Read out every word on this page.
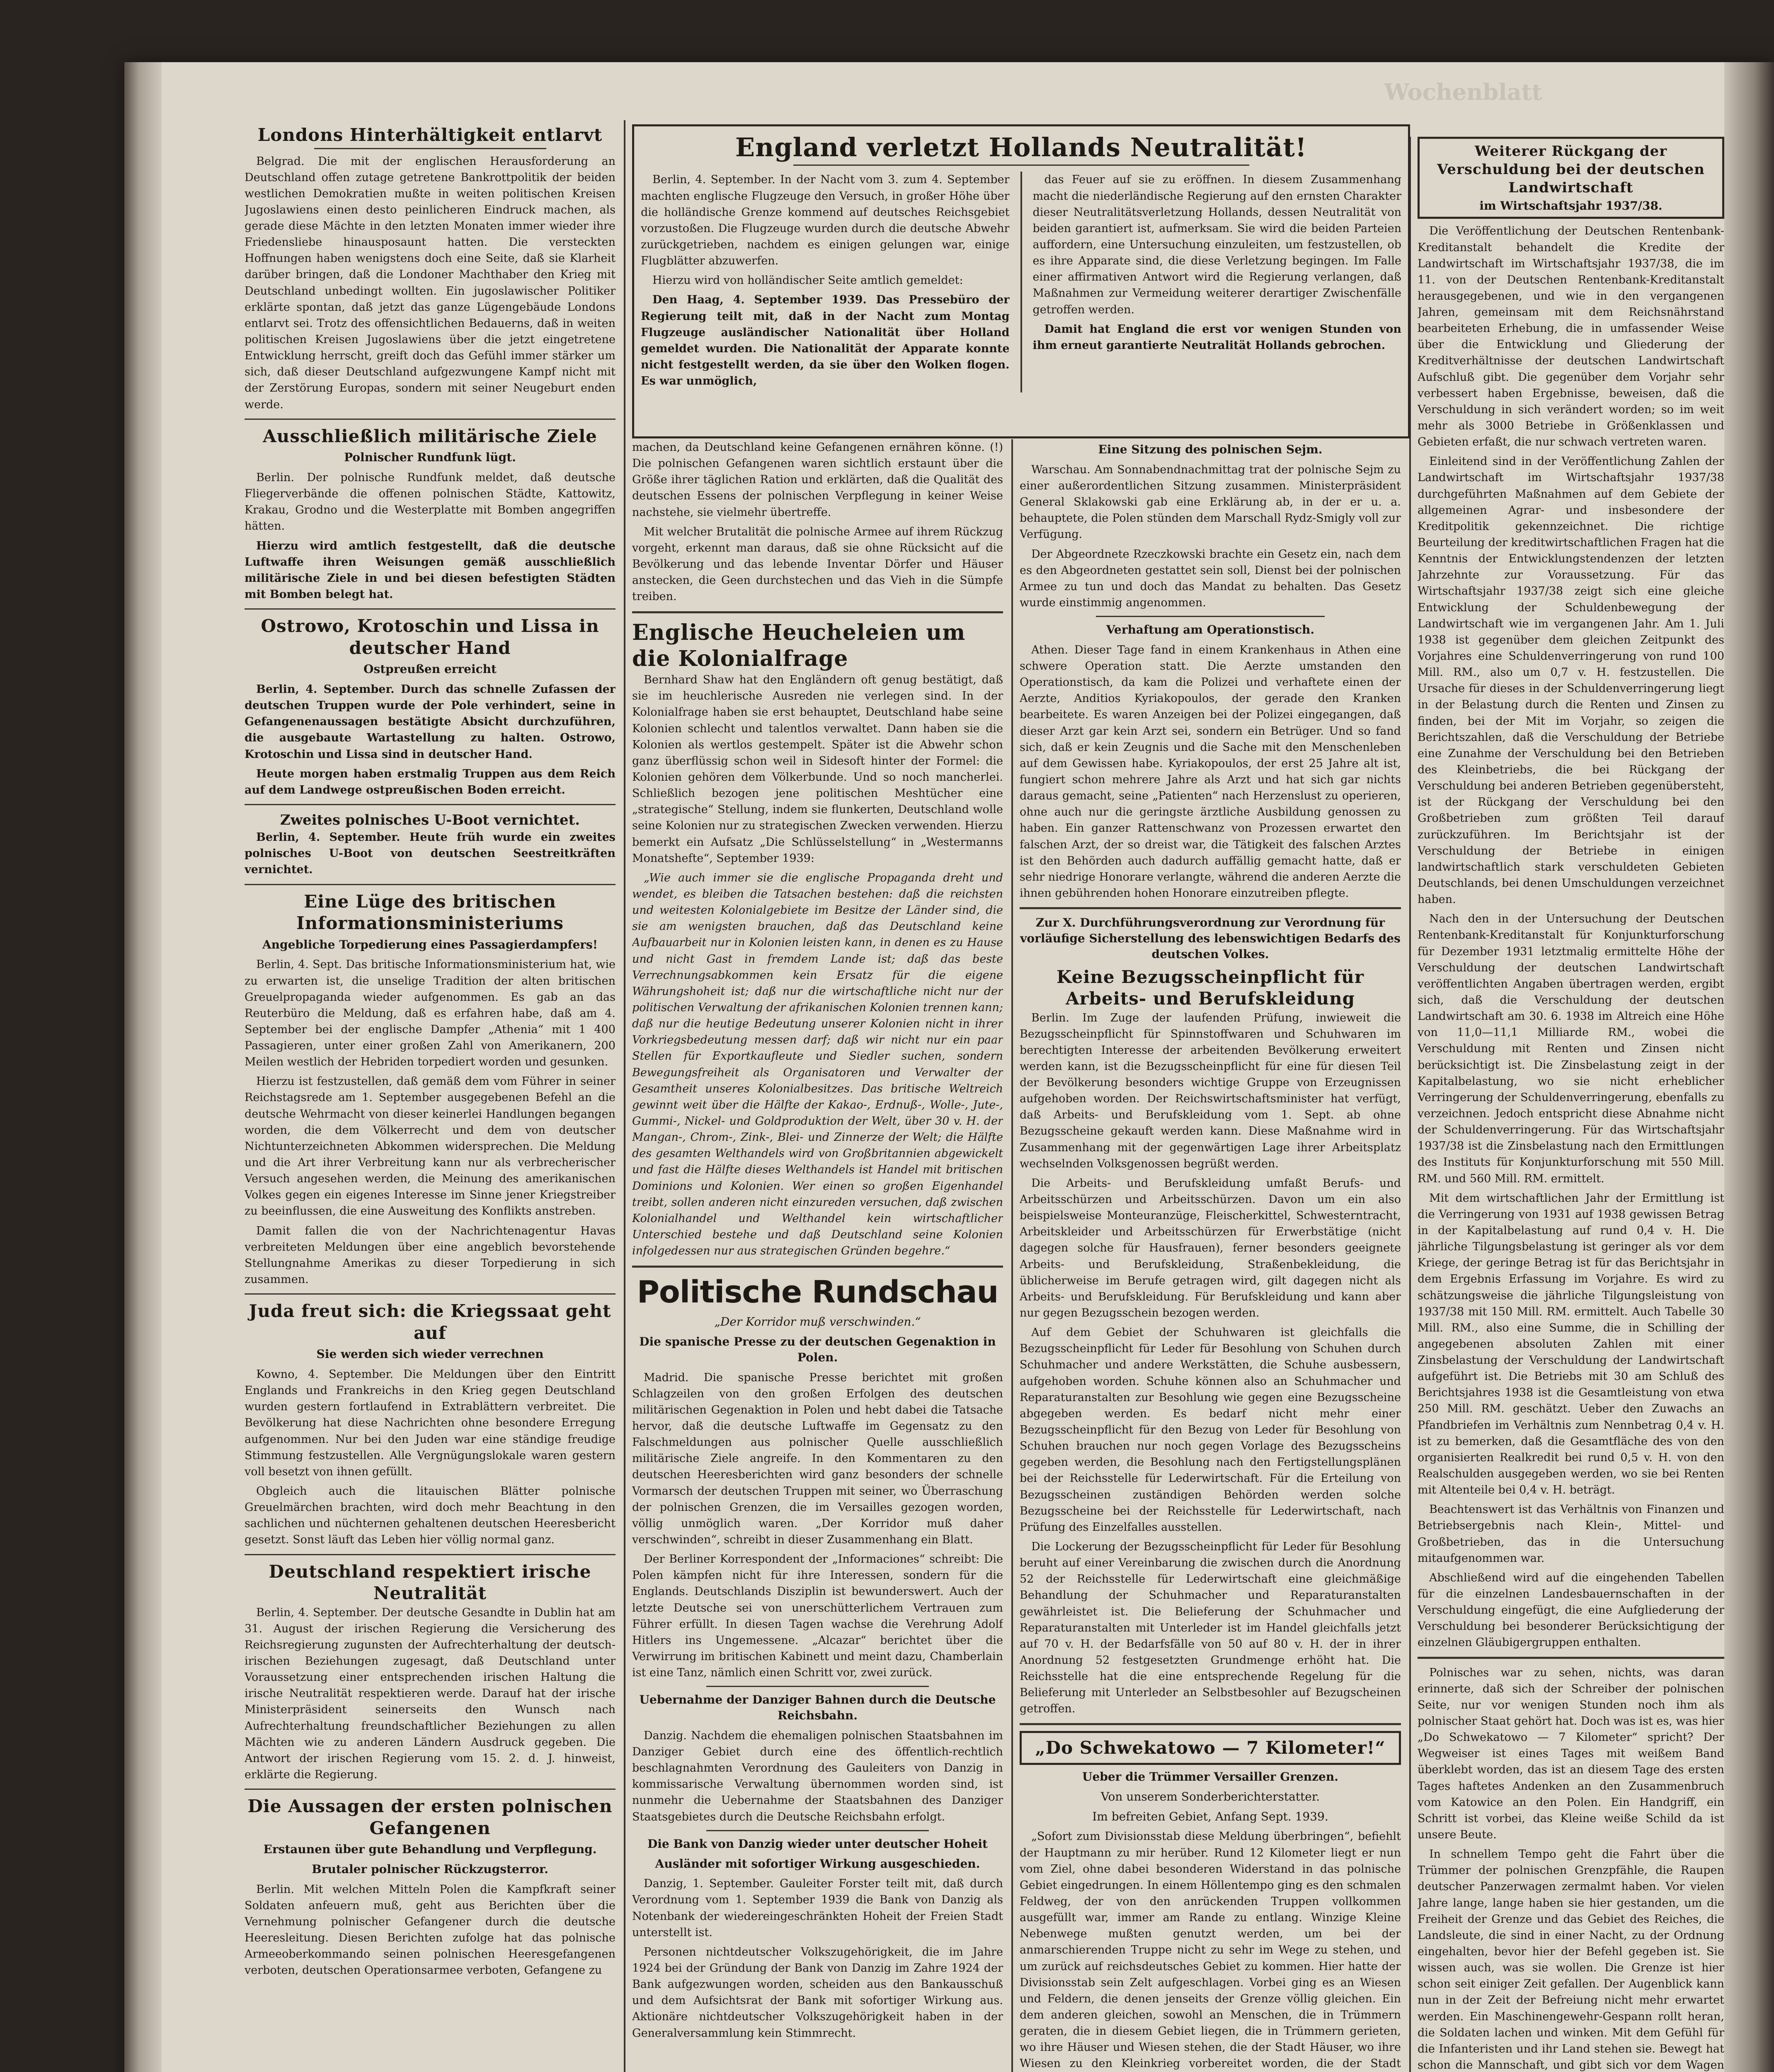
Wochenblatt
Londons Hinterhältigkeit entlarvt

Belgrad. Die mit der englischen Herausforderung an Deutschland offen zutage getretene Bankrottpolitik der beiden westlichen Demokratien mußte in weiten politischen Kreisen Jugoslawiens einen desto peinlicheren Eindruck machen, als gerade diese Mächte in den letzten Monaten immer wieder ihre Friedensliebe hinausposaunt hatten. Die versteckten Hoffnungen haben wenigstens doch eine Seite, daß sie Klarheit darüber bringen, daß die Londoner Machthaber den Krieg mit Deutschland unbedingt wollten. Ein jugoslawischer Politiker erklärte spontan, daß jetzt das ganze Lügengebäude Londons entlarvt sei. Trotz des offensichtlichen Bedauerns, daß in weiten politischen Kreisen Jugoslawiens über die jetzt eingetretene Entwicklung herrscht, greift doch das Gefühl immer stärker um sich, daß dieser Deutschland aufgezwungene Kampf nicht mit der Zerstörung Europas, sondern mit seiner Neugeburt enden werde.

Ausschließlich militärische Ziele
Polnischer Rundfunk lügt.

Berlin. Der polnische Rundfunk meldet, daß deutsche Fliegerverbände die offenen polnischen Städte, Kattowitz, Krakau, Grodno und die Westerplatte mit Bomben angegriffen hätten.

Hierzu wird amtlich festgestellt, daß die deutsche Luftwaffe ihren Weisungen gemäß ausschließlich militärische Ziele in und bei diesen befestigten Städten mit Bomben belegt hat.

Ostrowo, Krotoschin und Lissa in deutscher Hand
Ostpreußen erreicht

Berlin, 4. September. Durch das schnelle Zufassen der deutschen Truppen wurde der Pole verhindert, seine in Gefangenenaussagen bestätigte Absicht durchzuführen, die ausgebaute Wartastellung zu halten. Ostrowo, Krotoschin und Lissa sind in deutscher Hand.

Heute morgen haben erstmalig Truppen aus dem Reich auf dem Landwege ostpreußischen Boden erreicht.

Zweites polnisches U-Boot vernichtet.

Berlin, 4. September. Heute früh wurde ein zweites polnisches U-Boot von deutschen Seestreitkräften vernichtet.

Eine Lüge des britischen Informationsministeriums
Angebliche Torpedierung eines Passagierdampfers!

Berlin, 4. Sept. Das britische Informationsministerium hat, wie zu erwarten ist, die unselige Tradition der alten britischen Greuelpropaganda wieder aufgenommen. Es gab an das Reuterbüro die Meldung, daß es erfahren habe, daß am 4. September bei der englische Dampfer „Athenia“ mit 1 400 Passagieren, unter einer großen Zahl von Amerikanern, 200 Meilen westlich der Hebriden torpediert worden und gesunken.

Hierzu ist festzustellen, daß gemäß dem vom Führer in seiner Reichstagsrede am 1. September ausgegebenen Befehl an die deutsche Wehrmacht von dieser keinerlei Handlungen begangen worden, die dem Völkerrecht und dem von deutscher Nichtunterzeichneten Abkommen widersprechen. Die Meldung und die Art ihrer Verbreitung kann nur als verbrecherischer Versuch angesehen werden, die Meinung des amerikanischen Volkes gegen ein eigenes Interesse im Sinne jener Kriegstreiber zu beeinflussen, die eine Ausweitung des Konflikts anstreben.

Damit fallen die von der Nachrichtenagentur Havas verbreiteten Meldungen über eine angeblich bevorstehende Stellungnahme Amerikas zu dieser Torpedierung in sich zusammen.

Juda freut sich: die Kriegssaat geht auf
Sie werden sich wieder verrechnen

Kowno, 4. September. Die Meldungen über den Eintritt Englands und Frankreichs in den Krieg gegen Deutschland wurden gestern fortlaufend in Extrablättern verbreitet. Die Bevölkerung hat diese Nachrichten ohne besondere Erregung aufgenommen. Nur bei den Juden war eine ständige freudige Stimmung festzustellen. Alle Vergnügungslokale waren gestern voll besetzt von ihnen gefüllt.

Obgleich auch die litauischen Blätter polnische Greuelmärchen brachten, wird doch mehr Beachtung in den sachlichen und nüchternen gehaltenen deutschen Heeresbericht gesetzt. Sonst läuft das Leben hier völlig normal ganz.

Deutschland respektiert irische Neutralität

Berlin, 4. September. Der deutsche Gesandte in Dublin hat am 31. August der irischen Regierung die Versicherung des Reichsregierung zugunsten der Aufrechterhaltung der deutsch-irischen Beziehungen zugesagt, daß Deutschland unter Voraussetzung einer entsprechenden irischen Haltung die irische Neutralität respektieren werde. Darauf hat der irische Ministerpräsident seinerseits den Wunsch nach Aufrechterhaltung freundschaftlicher Beziehungen zu allen Mächten wie zu anderen Ländern Ausdruck gegeben. Die Antwort der irischen Regierung vom 15. 2. d. J. hinweist, erklärte die Regierung.

Die Aussagen der ersten polnischen Gefangenen
Erstaunen über gute Behandlung und Verpflegung.
Brutaler polnischer Rückzugsterror.

Berlin. Mit welchen Mitteln Polen die Kampfkraft seiner Soldaten anfeuern muß, geht aus Berichten über die Vernehmung polnischer Gefangener durch die deutsche Heeresleitung. Diesen Berichten zufolge hat das polnische Armeeoberkommando seinen polnischen Heeresgefangenen verboten, deutschen Operationsarmee verboten, Gefangene zu

England verletzt Hollands Neutralität!

Berlin, 4. September. In der Nacht vom 3. zum 4. September machten englische Flugzeuge den Versuch, in großer Höhe über die holländische Grenze kommend auf deutsches Reichsgebiet vorzustoßen. Die Flugzeuge wurden durch die deutsche Abwehr zurückgetrieben, nachdem es einigen gelungen war, einige Flugblätter abzuwerfen.

Hierzu wird von holländischer Seite amtlich gemeldet:

Den Haag, 4. September 1939. Das Pressebüro der Regierung teilt mit, daß in der Nacht zum Montag Flugzeuge ausländischer Nationalität über Holland gemeldet wurden. Die Nationalität der Apparate konnte nicht festgestellt werden, da sie über den Wolken flogen. Es war unmöglich,

das Feuer auf sie zu eröffnen. In diesem Zusammenhang macht die niederländische Regierung auf den ernsten Charakter dieser Neutralitätsverletzung Hollands, dessen Neutralität von beiden garantiert ist, aufmerksam. Sie wird die beiden Parteien auffordern, eine Untersuchung einzuleiten, um festzustellen, ob es ihre Apparate sind, die diese Verletzung begingen. Im Falle einer affirmativen Antwort wird die Regierung verlangen, daß Maßnahmen zur Vermeidung weiterer derartiger Zwischenfälle getroffen werden.

Damit hat England die erst vor wenigen Stunden von ihm erneut garantierte Neutralität Hollands gebrochen.

machen, da Deutschland keine Gefangenen ernähren könne. (!) Die polnischen Gefangenen waren sichtlich erstaunt über die Größe ihrer täglichen Ration und erklärten, daß die Qualität des deutschen Essens der polnischen Verpflegung in keiner Weise nachstehe, sie vielmehr übertreffe.

Mit welcher Brutalität die polnische Armee auf ihrem Rückzug vorgeht, erkennt man daraus, daß sie ohne Rücksicht auf die Bevölkerung und das lebende Inventar Dörfer und Häuser anstecken, die Geen durchstechen und das Vieh in die Sümpfe treiben.

Englische Heucheleien um die Kolonialfrage

Bernhard Shaw hat den Engländern oft genug bestätigt, daß sie im heuchlerische Ausreden nie verlegen sind. In der Kolonialfrage haben sie erst behauptet, Deutschland habe seine Kolonien schlecht und talentlos verwaltet. Dann haben sie die Kolonien als wertlos gestempelt. Später ist die Abwehr schon ganz überflüssig schon weil in Sidesoft hinter der Formel: die Kolonien gehören dem Völkerbunde. Und so noch mancherlei. Schließlich bezogen jene politischen Meshtücher eine „strategische“ Stellung, indem sie flunkerten, Deutschland wolle seine Kolonien nur zu strategischen Zwecken verwenden. Hierzu bemerkt ein Aufsatz „Die Schlüsselstellung“ in „Westermanns Monatshefte“, September 1939:

„Wie auch immer sie die englische Propaganda dreht und wendet, es bleiben die Tatsachen bestehen: daß die reichsten und weitesten Kolonialgebiete im Besitze der Länder sind, die sie am wenigsten brauchen, daß das Deutschland keine Aufbauarbeit nur in Kolonien leisten kann, in denen es zu Hause und nicht Gast in fremdem Lande ist; daß das beste Verrechnungsabkommen kein Ersatz für die eigene Währungshoheit ist; daß nur die wirtschaftliche nicht nur der politischen Verwaltung der afrikanischen Kolonien trennen kann; daß nur die heutige Bedeutung unserer Kolonien nicht in ihrer Vorkriegsbedeutung messen darf; daß wir nicht nur ein paar Stellen für Exportkaufleute und Siedler suchen, sondern Bewegungsfreiheit als Organisatoren und Verwalter der Gesamtheit unseres Kolonialbesitzes. Das britische Weltreich gewinnt weit über die Hälfte der Kakao-, Erdnuß-, Wolle-, Jute-, Gummi-, Nickel- und Goldproduktion der Welt, über 30 v. H. der Mangan-, Chrom-, Zink-, Blei- und Zinnerze der Welt; die Hälfte des gesamten Welthandels wird von Großbritannien abgewickelt und fast die Hälfte dieses Welthandels ist Handel mit britischen Dominions und Kolonien. Wer einen so großen Eigenhandel treibt, sollen anderen nicht einzureden versuchen, daß zwischen Kolonialhandel und Welthandel kein wirtschaftlicher Unterschied bestehe und daß Deutschland seine Kolonien infolgedessen nur aus strategischen Gründen begehre.“

Politische Rundschau
„Der Korridor muß verschwinden.“
Die spanische Presse zu der deutschen Gegenaktion in Polen.

Madrid. Die spanische Presse berichtet mit großen Schlagzeilen von den großen Erfolgen des deutschen militärischen Gegenaktion in Polen und hebt dabei die Tatsache hervor, daß die deutsche Luftwaffe im Gegensatz zu den Falschmeldungen aus polnischer Quelle ausschließlich militärische Ziele angreife. In den Kommentaren zu den deutschen Heeresberichten wird ganz besonders der schnelle Vormarsch der deutschen Truppen mit seiner, wo Überraschung der polnischen Grenzen, die im Versailles gezogen worden, völlig unmöglich waren. „Der Korridor muß daher verschwinden“, schreibt in dieser Zusammenhang ein Blatt.

Der Berliner Korrespondent der „Informaciones“ schreibt: Die Polen kämpfen nicht für ihre Interessen, sondern für die Englands. Deutschlands Disziplin ist bewunderswert. Auch der letzte Deutsche sei von unerschütterlichem Vertrauen zum Führer erfüllt. In diesen Tagen wachse die Verehrung Adolf Hitlers ins Ungemessene. „Alcazar“ berichtet über die Verwirrung im britischen Kabinett und meint dazu, Chamberlain ist eine Tanz, nämlich einen Schritt vor, zwei zurück.

Uebernahme der Danziger Bahnen durch die Deutsche Reichsbahn.

Danzig. Nachdem die ehemaligen polnischen Staatsbahnen im Danziger Gebiet durch eine des öffentlich-rechtlich beschlagnahmten Verordnung des Gauleiters von Danzig in kommissarische Verwaltung übernommen worden sind, ist nunmehr die Uebernahme der Staatsbahnen des Danziger Staatsgebietes durch die Deutsche Reichsbahn erfolgt.

Die Bank von Danzig wieder unter deutscher Hoheit
Ausländer mit sofortiger Wirkung ausgeschieden.

Danzig, 1. September. Gauleiter Forster teilt mit, daß durch Verordnung vom 1. September 1939 die Bank von Danzig als Notenbank der wiedereingeschränkten Hoheit der Freien Stadt unterstellt ist.

Personen nichtdeutscher Volkszugehörigkeit, die im Jahre 1924 bei der Gründung der Bank von Danzig im Zahre 1924 der Bank aufgezwungen worden, scheiden aus den Bankausschuß und dem Aufsichtsrat der Bank mit sofortiger Wirkung aus. Aktionäre nichtdeutscher Volkszugehörigkeit haben in der Generalversammlung kein Stimmrecht.

Eine Sitzung des polnischen Sejm.

Warschau. Am Sonnabendnachmittag trat der polnische Sejm zu einer außerordentlichen Sitzung zusammen. Ministerpräsident General Sklakowski gab eine Erklärung ab, in der er u. a. behauptete, die Polen stünden dem Marschall Rydz-Smigly voll zur Verfügung.

Der Abgeordnete Rzeczkowski brachte ein Gesetz ein, nach dem es den Abgeordneten gestattet sein soll, Dienst bei der polnischen Armee zu tun und doch das Mandat zu behalten. Das Gesetz wurde einstimmig angenommen.

Verhaftung am Operationstisch.

Athen. Dieser Tage fand in einem Krankenhaus in Athen eine schwere Operation statt. Die Aerzte umstanden den Operationstisch, da kam die Polizei und verhaftete einen der Aerzte, Anditios Kyriakopoulos, der gerade den Kranken bearbeitete. Es waren Anzeigen bei der Polizei eingegangen, daß dieser Arzt gar kein Arzt sei, sondern ein Betrüger. Und so fand sich, daß er kein Zeugnis und die Sache mit den Menschenleben auf dem Gewissen habe. Kyriakopoulos, der erst 25 Jahre alt ist, fungiert schon mehrere Jahre als Arzt und hat sich gar nichts daraus gemacht, seine „Patienten“ nach Herzenslust zu operieren, ohne auch nur die geringste ärztliche Ausbildung genossen zu haben. Ein ganzer Rattenschwanz von Prozessen erwartet den falschen Arzt, der so dreist war, die Tätigkeit des falschen Arztes ist den Behörden auch dadurch auffällig gemacht hatte, daß er sehr niedrige Honorare verlangte, während die anderen Aerzte die ihnen gebührenden hohen Honorare einzutreiben pflegte.

Zur X. Durchführungsverordnung zur Verordnung für vorläufige Sicherstellung des lebenswichtigen Bedarfs des deutschen Volkes.
Keine Bezugsscheinpflicht für Arbeits- und Berufskleidung

Berlin. Im Zuge der laufenden Prüfung, inwieweit die Bezugsscheinpflicht für Spinnstoffwaren und Schuhwaren im berechtigten Interesse der arbeitenden Bevölkerung erweitert werden kann, ist die Bezugsscheinpflicht für eine für diesen Teil der Bevölkerung besonders wichtige Gruppe von Erzeugnissen aufgehoben worden. Der Reichswirtschaftsminister hat verfügt, daß Arbeits- und Berufskleidung vom 1. Sept. ab ohne Bezugsscheine gekauft werden kann. Diese Maßnahme wird in Zusammenhang mit der gegenwärtigen Lage ihrer Arbeitsplatz wechselnden Volksgenossen begrüßt werden.

Die Arbeits- und Berufskleidung umfaßt Berufs- und Arbeitsschürzen und Arbeitsschürzen. Davon um ein also beispielsweise Monteuranzüge, Fleischerkittel, Schwesterntracht, Arbeitskleider und Arbeitsschürzen für Erwerbstätige (nicht dagegen solche für Hausfrauen), ferner besonders geeignete Arbeits- und Berufskleidung, Straßenbekleidung, die üblicherweise im Berufe getragen wird, gilt dagegen nicht als Arbeits- und Berufskleidung. Für Berufskleidung und kann aber nur gegen Bezugsschein bezogen werden.

Auf dem Gebiet der Schuhwaren ist gleichfalls die Bezugsscheinpflicht für Leder für Besohlung von Schuhen durch Schuhmacher und andere Werkstätten, die Schuhe ausbessern, aufgehoben worden. Schuhe können also an Schuhmacher und Reparaturanstalten zur Besohlung wie gegen eine Bezugsscheine abgegeben werden. Es bedarf nicht mehr einer Bezugsscheinpflicht für den Bezug von Leder für Besohlung von Schuhen brauchen nur noch gegen Vorlage des Bezugsscheins gegeben werden, die Besohlung nach den Fertigstellungsplänen bei der Reichsstelle für Lederwirtschaft. Für die Erteilung von Bezugsscheinen zuständigen Behörden werden solche Bezugsscheine bei der Reichsstelle für Lederwirtschaft, nach Prüfung des Einzelfalles ausstellen.

Die Lockerung der Bezugsscheinpflicht für Leder für Besohlung beruht auf einer Vereinbarung die zwischen durch die Anordnung 52 der Reichsstelle für Lederwirtschaft eine gleichmäßige Behandlung der Schuhmacher und Reparaturanstalten gewährleistet ist. Die Belieferung der Schuhmacher und Reparaturanstalten mit Unterleder ist im Handel gleichfalls jetzt auf 70 v. H. der Bedarfsfälle von 50 auf 80 v. H. der in ihrer Anordnung 52 festgesetzten Grundmenge erhöht hat. Die Reichsstelle hat die eine entsprechende Regelung für die Belieferung mit Unterleder an Selbstbesohler auf Bezugscheinen getroffen.

„Do Schwekatowo — 7 Kilometer!“
Ueber die Trümmer Versailler Grenzen.
Von unserem Sonderberichterstatter.
Im befreiten Gebiet, Anfang Sept. 1939.

„Sofort zum Divisionsstab diese Meldung überbringen“, befiehlt der Hauptmann zu mir herüber. Rund 12 Kilometer liegt er nun vom Ziel, ohne dabei besonderen Widerstand in das polnische Gebiet eingedrungen. In einem Höllentempo ging es den schmalen Feldweg, der von den anrückenden Truppen vollkommen ausgefüllt war, immer am Rande zu entlang. Winzige Kleine Nebenwege mußten genutzt werden, um bei der anmarschierenden Truppe nicht zu sehr im Wege zu stehen, und um zurück auf reichsdeutsches Gebiet zu kommen. Hier hatte der Divisionsstab sein Zelt aufgeschlagen. Vorbei ging es an Wiesen und Feldern, die denen jenseits der Grenze völlig gleichen. Ein dem anderen gleichen, sowohl an Menschen, die in Trümmern geraten, die in diesem Gebiet liegen, die in Trümmern gerieten, wo ihre Häuser und Wiesen stehen, die der Stadt Häuser, wo ihre Wiesen zu den Kleinkrieg vorbereitet worden, die der Stadt

Weiterer Rückgang der Verschuldung bei der deutschen Landwirtschaft
im Wirtschaftsjahr 1937/38.

Die Veröffentlichung der Deutschen Rentenbank-Kreditanstalt behandelt die Kredite der Landwirtschaft im Wirtschaftsjahr 1937/38, die im 11. von der Deutschen Rentenbank-Kreditanstalt herausgegebenen, und wie in den vergangenen Jahren, gemeinsam mit dem Reichsnährstand bearbeiteten Erhebung, die in umfassender Weise über die Entwicklung und Gliederung der Kreditverhältnisse der deutschen Landwirtschaft Aufschluß gibt. Die gegenüber dem Vorjahr sehr verbessert haben Ergebnisse, beweisen, daß die Verschuldung in sich verändert worden; so im weit mehr als 3000 Betriebe in Größenklassen und Gebieten erfaßt, die nur schwach vertreten waren.

Einleitend sind in der Veröffentlichung Zahlen der Landwirtschaft im Wirtschaftsjahr 1937/38 durchgeführten Maßnahmen auf dem Gebiete der allgemeinen Agrar- und insbesondere der Kreditpolitik gekennzeichnet. Die richtige Beurteilung der kreditwirtschaftlichen Fragen hat die Kenntnis der Entwicklungstendenzen der letzten Jahrzehnte zur Voraussetzung. Für das Wirtschaftsjahr 1937/38 zeigt sich eine gleiche Entwicklung der Schuldenbewegung der Landwirtschaft wie im vergangenen Jahr. Am 1. Juli 1938 ist gegenüber dem gleichen Zeitpunkt des Vorjahres eine Schuldenverringerung von rund 100 Mill. RM., also um 0,7 v. H. festzustellen. Die Ursache für dieses in der Schuldenverringerung liegt in der Belastung durch die Renten und Zinsen zu finden, bei der Mit im Vorjahr, so zeigen die Berichtszahlen, daß die Verschuldung der Betriebe eine Zunahme der Verschuldung bei den Betrieben des Kleinbetriebs, die bei Rückgang der Verschuldung bei anderen Betrieben gegenübersteht, ist der Rückgang der Verschuldung bei den Großbetrieben zum größten Teil darauf zurückzuführen. Im Berichtsjahr ist der Verschuldung der Betriebe in einigen landwirtschaftlich stark verschuldeten Gebieten Deutschlands, bei denen Umschuldungen verzeichnet haben.

Nach den in der Untersuchung der Deutschen Rentenbank-Kreditanstalt für Konjunkturforschung für Dezember 1931 letztmalig ermittelte Höhe der Verschuldung der deutschen Landwirtschaft veröffentlichten Angaben übertragen werden, ergibt sich, daß die Verschuldung der deutschen Landwirtschaft am 30. 6. 1938 im Altreich eine Höhe von 11,0—11,1 Milliarde RM., wobei die Verschuldung mit Renten und Zinsen nicht berücksichtigt ist. Die Zinsbelastung zeigt in der Kapitalbelastung, wo sie nicht erheblicher Verringerung der Schuldenverringerung, ebenfalls zu verzeichnen. Jedoch entspricht diese Abnahme nicht der Schuldenverringerung. Für das Wirtschaftsjahr 1937/38 ist die Zinsbelastung nach den Ermittlungen des Instituts für Konjunkturforschung mit 550 Mill. RM. und 560 Mill. RM. ermittelt.

Mit dem wirtschaftlichen Jahr der Ermittlung ist die Verringerung von 1931 auf 1938 gewissen Betrag in der Kapitalbelastung auf rund 0,4 v. H. Die jährliche Tilgungsbelastung ist geringer als vor dem Kriege, der geringe Betrag ist für das Berichtsjahr in dem Ergebnis Erfassung im Vorjahre. Es wird zu schätzungsweise die jährliche Tilgungsleistung von 1937/38 mit 150 Mill. RM. ermittelt. Auch Tabelle 30 Mill. RM., also eine Summe, die in Schilling der angegebenen absoluten Zahlen mit einer Zinsbelastung der Verschuldung der Landwirtschaft aufgeführt ist. Die Betriebs mit 30 am Schluß des Berichtsjahres 1938 ist die Gesamtleistung von etwa 250 Mill. RM. geschätzt. Ueber den Zuwachs an Pfandbriefen im Verhältnis zum Nennbetrag 0,4 v. H. ist zu bemerken, daß die Gesamtfläche des von den organisierten Realkredit bei rund 0,5 v. H. von den Realschulden ausgegeben werden, wo sie bei Renten mit Altenteile bei 0,4 v. H. beträgt.

Beachtenswert ist das Verhältnis von Finanzen und Betriebsergebnis nach Klein-, Mittel- und Großbetrieben, das in die Untersuchung mitaufgenommen war.

Abschließend wird auf die eingehenden Tabellen für die einzelnen Landesbauernschaften in der Verschuldung eingefügt, die eine Aufgliederung der Verschuldung bei besonderer Berücksichtigung der einzelnen Gläubigergruppen enthalten.

Polnisches war zu sehen, nichts, was daran erinnerte, daß sich der Schreiber der polnischen Seite, nur vor wenigen Stunden noch ihm als polnischer Staat gehört hat. Doch was ist es, was hier „Do Schwekatowo — 7 Kilometer“ spricht? Der Wegweiser ist eines Tages mit weißem Band überklebt worden, das ist an diesem Tage des ersten Tages haftetes Andenken an den Zusammenbruch vom Katowice an den Polen. Ein Handgriff, ein Schritt ist vorbei, das Kleine weiße Schild da ist unsere Beute.

In schnellem Tempo geht die Fahrt über die Trümmer der polnischen Grenzpfähle, die Raupen deutscher Panzerwagen zermalmt haben. Vor vielen Jahre lange, lange haben sie hier gestanden, um die Freiheit der Grenze und das Gebiet des Reiches, die Landsleute, die sind in einer Nacht, zu der Ordnung eingehalten, bevor hier der Befehl gegeben ist. Sie wissen auch, was sie wollen. Die Grenze ist hier schon seit einiger Zeit gefallen. Der Augenblick kann nun in der Zeit der Befreiung nicht mehr erwartet werden. Ein Maschinengewehr-Gespann rollt heran, die Soldaten lachen und winken. Mit dem Gefühl für die Infanteristen und ihr Land stehen sie. Bewegt hat schon die Mannschaft, und gibt sich vor dem Wagen
